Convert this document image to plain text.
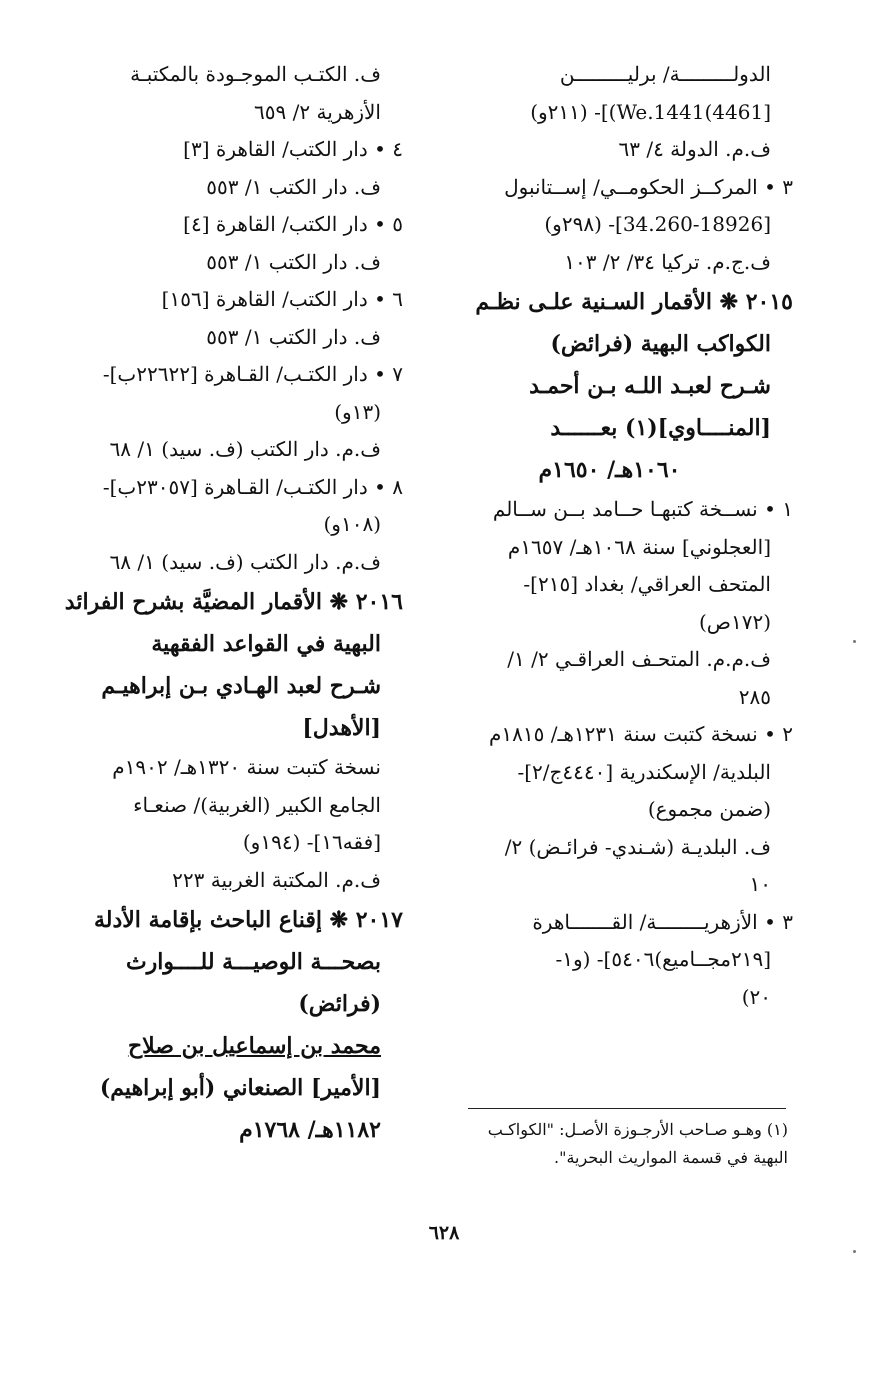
الدولـــــــــة/ برليـــــــــن
[4461)We.1441)]- (٢١١و)
ف.م. الدولة ٤/ ٦٣
٣ • المركــز الحكومــي/ إســتانبول
[34.260-18926]- (٢٩٨و)
ف.ج.م. تركيا ٣٤/ ٢/ ١٠٣
٢٠١٥ ❋ الأقمار السـنية علـى نظـم
الكواكب البهية (فرائض)
شـرح لعبـد اللـه بـن أحمـد
[المنــــاوي](١) بعــــــد
١٠٦٠هـ/ ١٦٥٠م
١ • نســخة كتبهـا حــامد بــن ســالم
[العجلوني] سنة ١٠٦٨هـ/ ١٦٥٧م
المتحف العراقي/ بغداد [٢١٥]-
(١٧٢ص)
ف.م.م. المتحـف العراقـي ٢/ ١/
٢٨٥
٢ • نسخة كتبت سنة ١٢٣١هـ/ ١٨١٥م
البلدية/ الإسكندرية [٤٤٤٠ج/٢]-
(ضمن مجموع)
ف. البلديـة (شـندي- فرائـض) ٢/
١٠
٣ • الأزهريــــــــة/ القـــــــاهرة
[٢١٩مجــاميع)٥٤٠٦]- (و١-
٢٠)
ف. الكتـب الموجـودة بالمكتبـة
الأزهرية ٢/ ٦٥٩
٤ • دار الكتب/ القاهرة [٣]
ف. دار الكتب ١/ ٥٥٣
٥ • دار الكتب/ القاهرة [٤]
ف. دار الكتب ١/ ٥٥٣
٦ • دار الكتب/ القاهرة [١٥٦]
ف. دار الكتب ١/ ٥٥٣
٧ • دار الكتـب/ القـاهرة [٢٢٦٢٢ب]-
(١٣و)
ف.م. دار الكتب (ف. سيد) ١/ ٦٨
٨ • دار الكتـب/ القـاهرة [٢٣٠٥٧ب]-
(١٠٨و)
ف.م. دار الكتب (ف. سيد) ١/ ٦٨
٢٠١٦ ❋ الأقمار المضيَّة بشرح الفرائد
البهية في القواعد الفقهية
شـرح لعبد الهـادي بـن إبراهيـم
[الأهدل]
نسخة كتبت سنة ١٣٢٠هـ/ ١٩٠٢م
الجامع الكبير (الغربية)/ صنعـاء
[فقه١٦]- (١٩٤و)
ف.م. المكتبة الغربية ٢٢٣
٢٠١٧ ❋ إقناع الباحث بإقامة الأدلة
بصحـــة الوصيـــة للــــوارث
(فرائض)
محمد بن إسماعيل بن صلاح
[الأمير] الصنعاني (أبو إبراهيم)
١١٨٢هـ/ ١٧٦٨م	(١) وهـو صـاحب الأرجـوزة الأصـل: "الكواكـب
البهية في قسمة المواريث البحرية".
٦٢٨
